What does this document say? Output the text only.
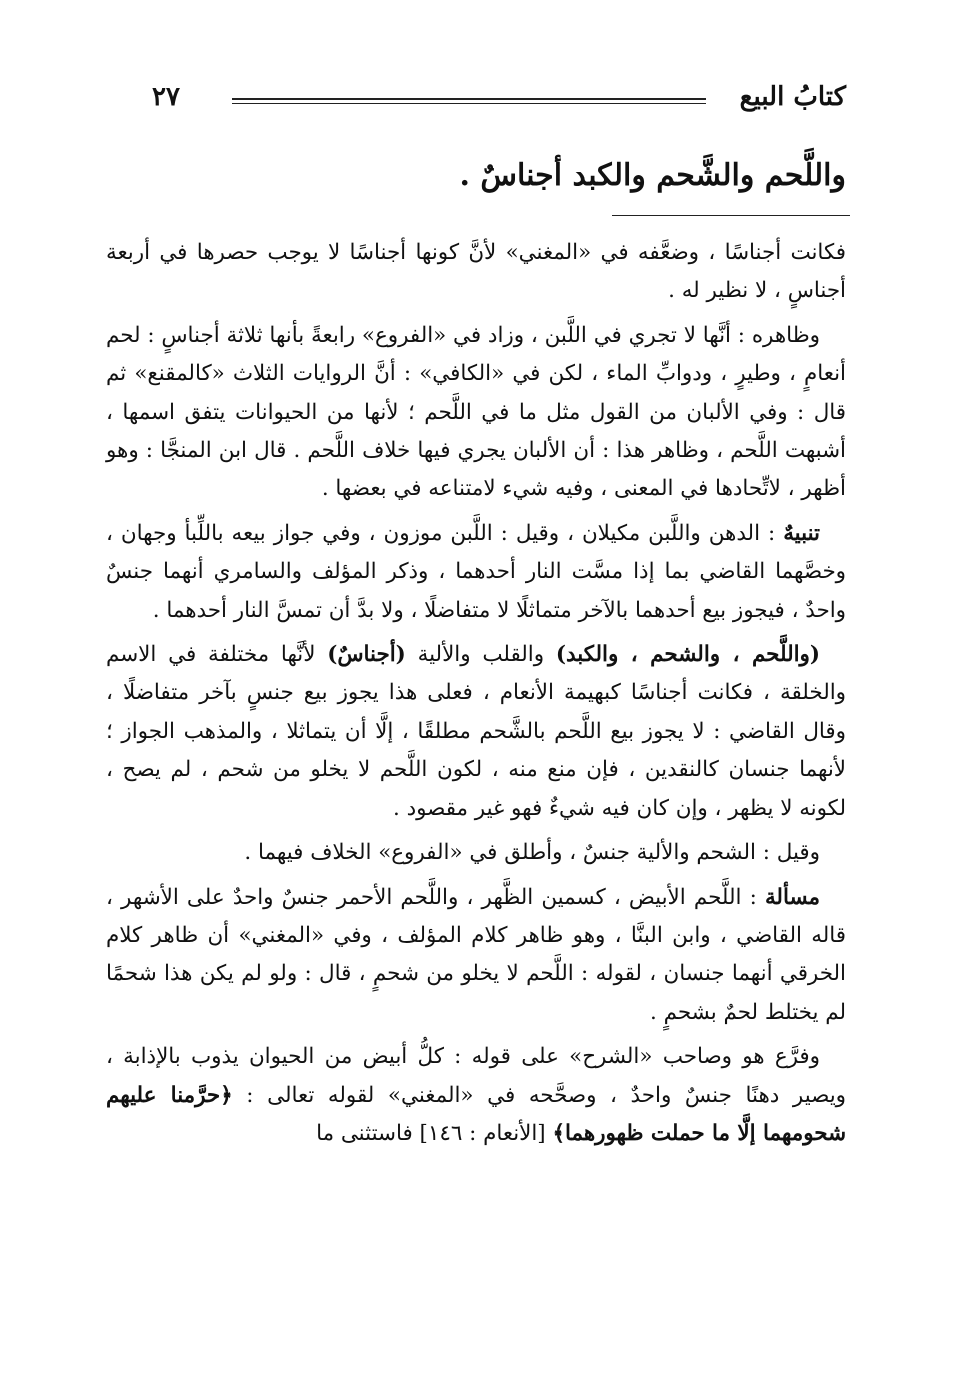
كتابُ البيع
٢٧
واللَّحم والشَّحم والكبد أجناسٌ .

فكانت أجناسًا ، وضعَّفه في «المغني» لأنَّ كونها أجناسًا لا يوجب حصرها في أربعة أجناسٍ ، لا نظير له .

وظاهره : أنَّها لا تجري في اللَّبن ، وزاد في «الفروع» رابعةً بأنها ثلاثة أجناسٍ : لحم أنعامٍ ، وطيرٍ ، ودوابِّ الماء ، لكن في «الكافي» : أنَّ الروايات الثلاث «كالمقنع» ثم قال : وفي الألبان من القول مثل ما في اللَّحم ؛ لأنها من الحيوانات يتفق اسمها ، أشبهت اللَّحم ، وظاهر هذا : أن الألبان يجري فيها خلاف اللَّحم . قال ابن المنجَّا : وهو أظهر ، لاتِّحادها في المعنى ، وفيه شيء لامتناعه في بعضها .

تنبيهٌ : الدهن واللَّبن مكيلان ، وقيل : اللَّبن موزون ، وفي جواز بيعه باللِّبأ وجهان ، وخصَّهما القاضي بما إذا مسَّت النار أحدهما ، وذكر المؤلف والسامري أنهما جنسٌ واحدٌ ، فيجوز بيع أحدهما بالآخر متماثلًا لا متفاضلًا ، ولا بدَّ أن تمسَّ النار أحدهما .

(واللَّحم ، والشحم ، والكبد) والقلب والألية (أجناسٌ) لأنَّها مختلفة في الاسم والخلقة ، فكانت أجناسًا كبهيمة الأنعام ، فعلى هذا يجوز بيع جنسٍ بآخر متفاضلًا ، وقال القاضي : لا يجوز بيع اللَّحم بالشَّحم مطلقًا ، إلَّا أن يتماثلا ، والمذهب الجواز ؛ لأنهما جنسان كالنقدين ، فإن منع منه ، لكون اللَّحم لا يخلو من شحم ، لم يصح ، لكونه لا يظهر ، وإن كان فيه شيءٌ فهو غير مقصود .

وقيل : الشحم والألية جنسٌ ، وأطلق في «الفروع» الخلاف فيهما .

مسألة : اللَّحم الأبيض ، كسمين الظَّهر ، واللَّحم الأحمر جنسٌ واحدٌ على الأشهر ، قاله القاضي ، وابن البنَّا ، وهو ظاهر كلام المؤلف ، وفي «المغني» أن ظاهر كلام الخرقي أنهما جنسان ، لقوله : اللَّحم لا يخلو من شحمٍ ، قال : ولو لم يكن هذا شحمًا لم يختلط لحمٌ بشحمٍ .

وفرَّع هو وصاحب «الشرح» على قوله : كلُّ أبيض من الحيوان يذوب بالإذابة ، ويصير دهنًا جنسٌ واحدٌ ، وصحَّحه في «المغني» لقوله تعالى : ﴿حرَّمنا عليهم شحومهما إلَّا ما حملت ظهورهما﴾ [الأنعام : ١٤٦] فاستثنى ما
